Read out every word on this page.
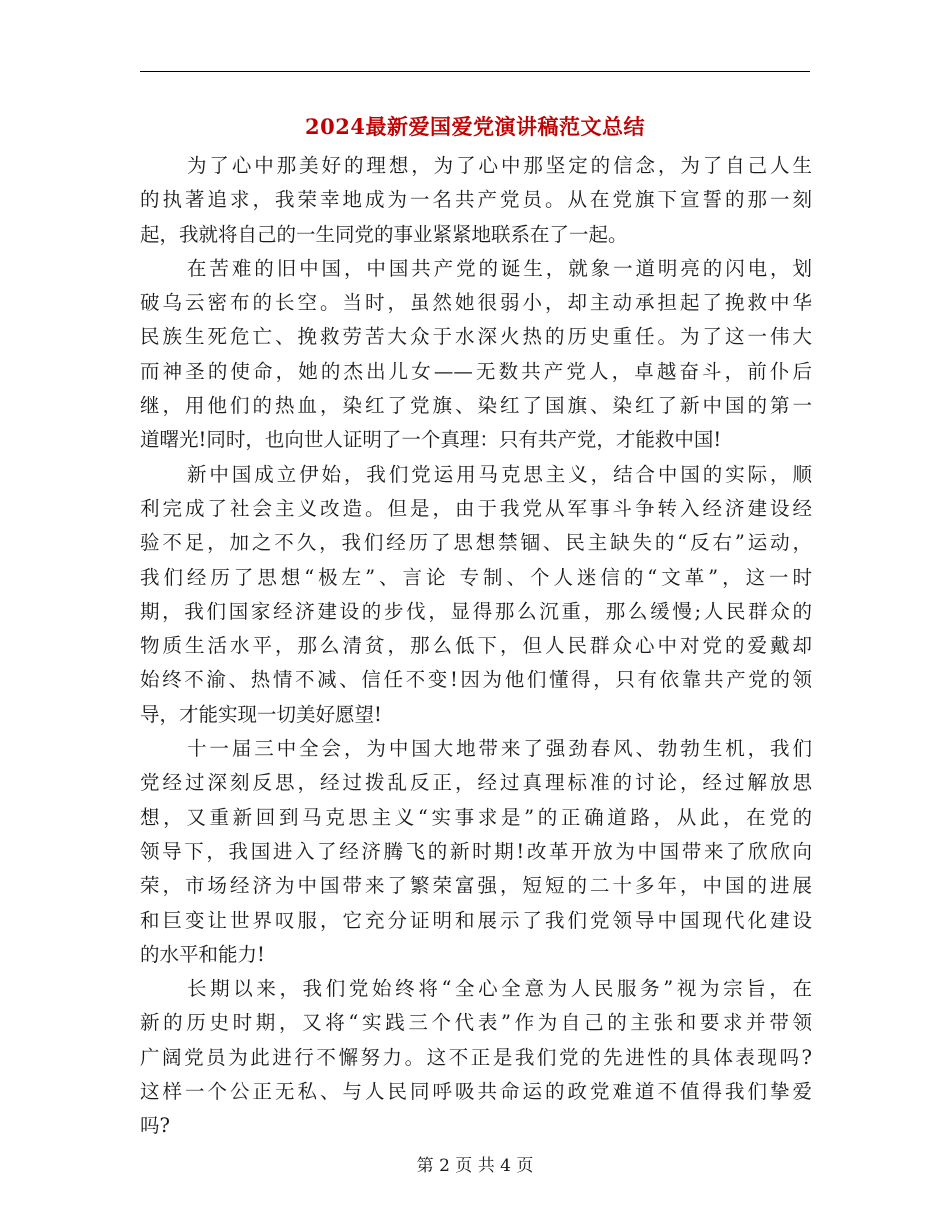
2024最新爱国爱党演讲稿范文总结
为了心中那美好的理想，为了心中那坚定的信念，为了自己人生
的执著追求，我荣幸地成为一名共产党员。从在党旗下宣誓的那一刻
起，我就将自己的一生同党的事业紧紧地联系在了一起。
在苦难的旧中国，中国共产党的诞生，就象一道明亮的闪电，划
破乌云密布的长空。当时，虽然她很弱小，却主动承担起了挽救中华
民族生死危亡、挽救劳苦大众于水深火热的历史重任。为了这一伟大
而神圣的使命，她的杰出儿女——无数共产党人，卓越奋斗，前仆后
继，用他们的热血，染红了党旗、染红了国旗、染红了新中国的第一
道曙光!同时，也向世人证明了一个真理：只有共产党，才能救中国!
新中国成立伊始，我们党运用马克思主义，结合中国的实际，顺
利完成了社会主义改造。但是，由于我党从军事斗争转入经济建设经
验不足，加之不久，我们经历了思想禁锢、民主缺失的“反右”运动，
我们经历了思想“极左”、言论 专制、个人迷信的“文革”，这一时
期，我们国家经济建设的步伐，显得那么沉重，那么缓慢;人民群众的
物质生活水平，那么清贫，那么低下，但人民群众心中对党的爱戴却
始终不渝、热情不减、信任不变!因为他们懂得，只有依靠共产党的领
导，才能实现一切美好愿望!
十一届三中全会，为中国大地带来了强劲春风、勃勃生机，我们
党经过深刻反思，经过拨乱反正，经过真理标准的讨论，经过解放思
想，又重新回到马克思主义“实事求是”的正确道路，从此，在党的
领导下，我国进入了经济腾飞的新时期!改革开放为中国带来了欣欣向
荣，市场经济为中国带来了繁荣富强，短短的二十多年，中国的进展
和巨变让世界叹服，它充分证明和展示了我们党领导中国现代化建设
的水平和能力!
长期以来，我们党始终将“全心全意为人民服务”视为宗旨，在
新的历史时期，又将“实践三个代表”作为自己的主张和要求并带领
广阔党员为此进行不懈努力。这不正是我们党的先进性的具体表现吗?
这样一个公正无私、与人民同呼吸共命运的政党难道不值得我们挚爱
吗?
第 2 页 共 4 页
